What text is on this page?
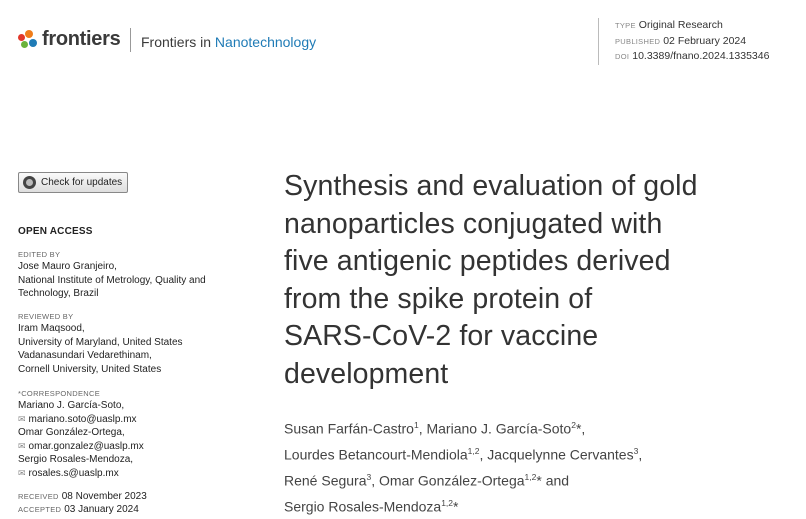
frontiers Frontiers in Nanotechnology
TYPE Original Research
PUBLISHED 02 February 2024
DOI 10.3389/fnano.2024.1335346
Check for updates
OPEN ACCESS
EDITED BY
Jose Mauro Granjeiro,
National Institute of Metrology, Quality and
Technology, Brazil
REVIEWED BY
Iram Maqsood,
University of Maryland, United States
Vadanasundari Vedarethinam,
Cornell University, United States
*CORRESPONDENCE
Mariano J. García-Soto,
✉ mariano.soto@uaslp.mx
Omar González-Ortega,
✉ omar.gonzalez@uaslp.mx
Sergio Rosales-Mendoza,
✉ rosales.s@uaslp.mx
RECEIVED 08 November 2023
ACCEPTED 03 January 2024
Synthesis and evaluation of gold
nanoparticles conjugated with
five antigenic peptides derived
from the spike protein of
SARS-CoV-2 for vaccine
development
Susan Farfán-Castro$^1$, Mariano J. García-Soto$^2$*,
Lourdes Betancourt-Mendiola$^{1,2}$, Jacquelynne Cervantes$^3$,
René Segura$^3$, Omar González-Ortega$^{1,2}$* and
Sergio Rosales-Mendoza$^{1,2}$*
